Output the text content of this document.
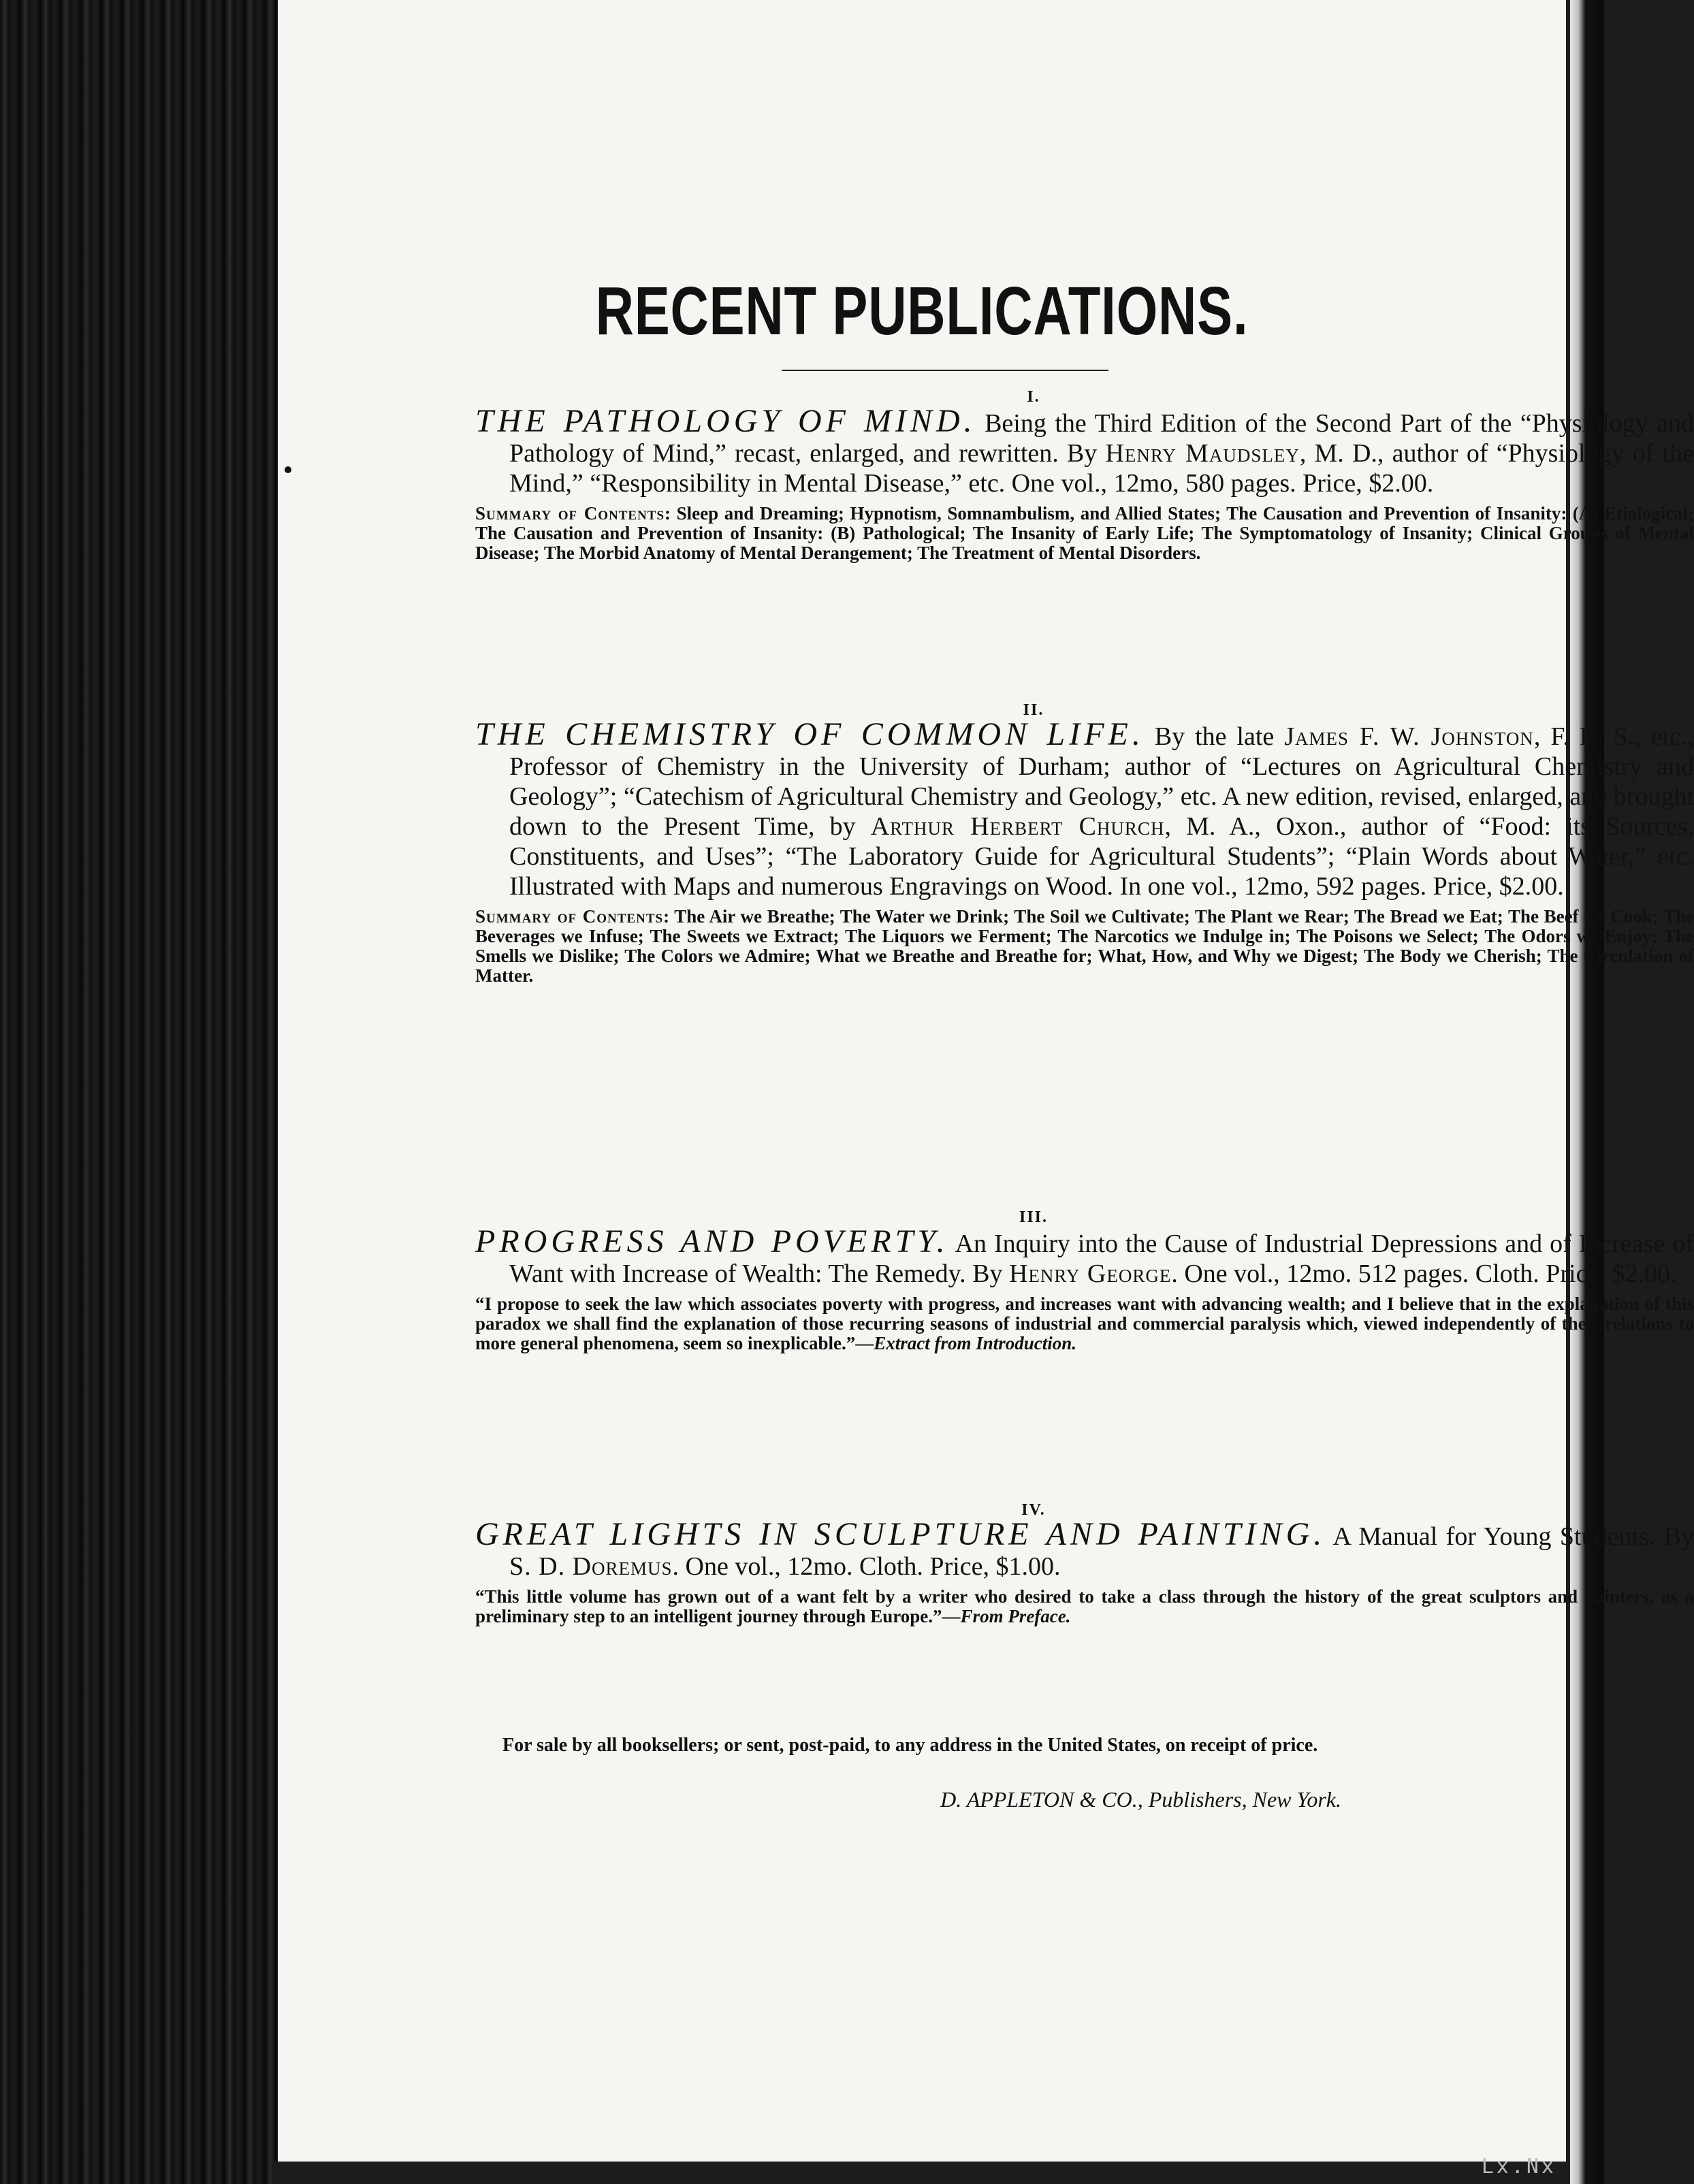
RECENT PUBLICATIONS.
I.

THE PATHOLOGY OF MIND. Being the Third Edition of the Second Part of the “Physiology and Pathology of Mind,” recast, enlarged, and rewritten. By Henry Maudsley, M. D., author of “Physiology of the Mind,” “Responsibility in Mental Disease,” etc. One vol., 12mo, 580 pages. Price, $2.00.

Summary of Contents: Sleep and Dreaming; Hypnotism, Somnambulism, and Allied States; The Causation and Prevention of Insanity: (A) Etiological; The Causation and Prevention of Insanity: (B) Pathological; The Insanity of Early Life; The Symptomatology of Insanity; Clinical Groups of Mental Disease; The Morbid Anatomy of Mental Derangement; The Treatment of Mental Disorders.

II.

THE CHEMISTRY OF COMMON LIFE. By the late James F. W. Johnston, F. R. S., etc., Professor of Chemistry in the University of Durham; author of “Lectures on Agricultural Chemistry and Geology”; “Catechism of Agricultural Chemistry and Geology,” etc. A new edition, revised, enlarged, and brought down to the Present Time, by Arthur Herbert Church, M. A., Oxon., author of “Food: its Sources, Constituents, and Uses”; “The Laboratory Guide for Agricultural Students”; “Plain Words about Water,” etc. Illustrated with Maps and numerous Engravings on Wood. In one vol., 12mo, 592 pages. Price, $2.00.

Summary of Contents: The Air we Breathe; The Water we Drink; The Soil we Cultivate; The Plant we Rear; The Bread we Eat; The Beef we Cook; The Beverages we Infuse; The Sweets we Extract; The Liquors we Ferment; The Narcotics we Indulge in; The Poisons we Select; The Odors we Enjoy; The Smells we Dislike; The Colors we Admire; What we Breathe and Breathe for; What, How, and Why we Digest; The Body we Cherish; The Circulation of Matter.

III.

PROGRESS AND POVERTY. An Inquiry into the Cause of Industrial Depressions and of Increase of Want with Increase of Wealth: The Remedy. By Henry George. One vol., 12mo. 512 pages. Cloth. Price, $2.00.

“I propose to seek the law which associates poverty with progress, and increases want with advancing wealth; and I believe that in the explanation of this paradox we shall find the explanation of those recurring seasons of industrial and commercial paralysis which, viewed independently of their relations to more general phenomena, seem so inexplicable.”—Extract from Introduction.

IV.

GREAT LIGHTS IN SCULPTURE AND PAINTING. A Manual for Young Students. By S. D. Doremus. One vol., 12mo. Cloth. Price, $1.00.

“This little volume has grown out of a want felt by a writer who desired to take a class through the history of the great sculptors and painters, as a preliminary step to an intelligent journey through Europe.”—From Preface.

For sale by all booksellers; or sent, post-paid, to any address in the United States, on receipt of price.
D. APPLETON & CO., Publishers, New York.
Lx.Nx
